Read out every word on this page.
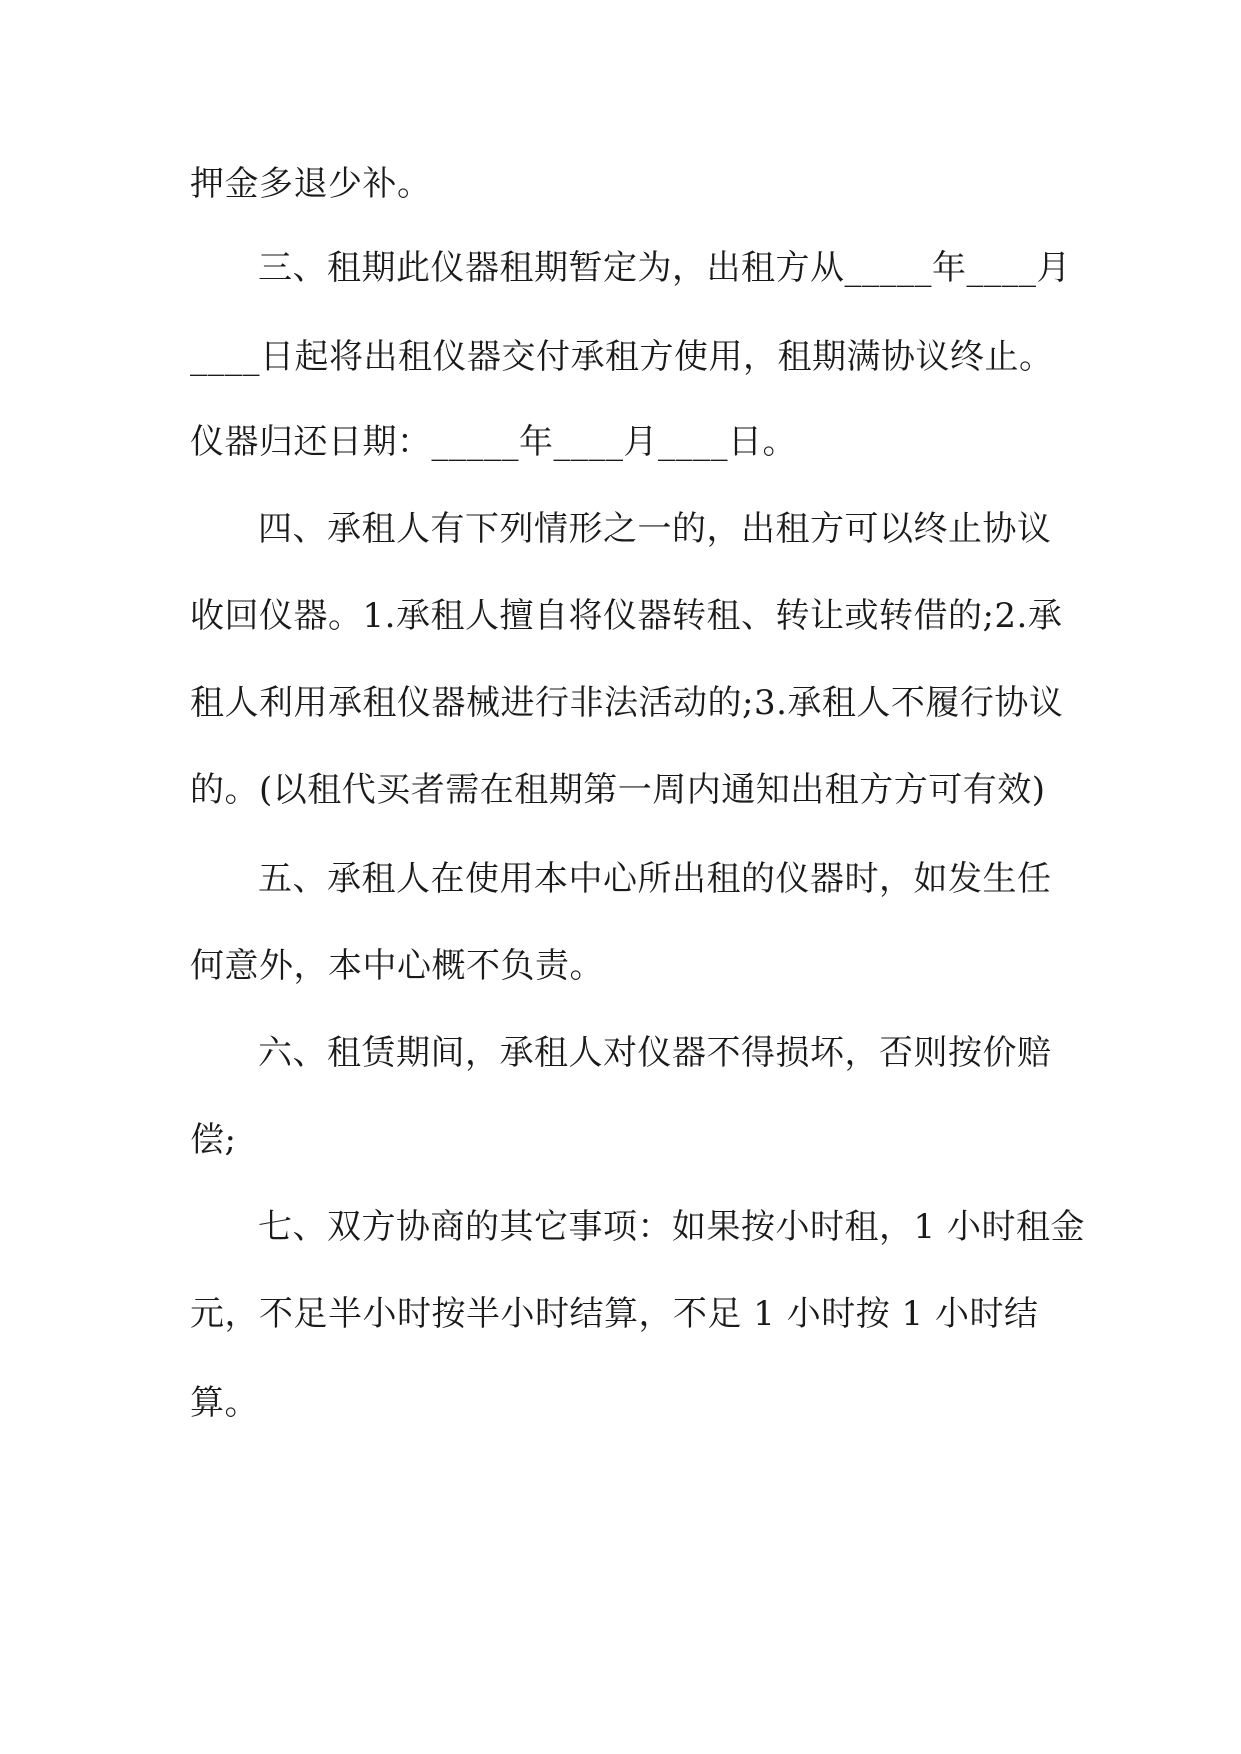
押金多退少补。
三、租期此仪器租期暂定为，出租方从_____年____月
____日起将出租仪器交付承租方使用，租期满协议终止。
仪器归还日期：_____年____月____日。
四、承租人有下列情形之一的，出租方可以终止协议
收回仪器。1.承租人擅自将仪器转租、转让或转借的;2.承
租人利用承租仪器械进行非法活动的;3.承租人不履行协议
的。(以租代买者需在租期第一周内通知出租方方可有效)
五、承租人在使用本中心所出租的仪器时，如发生任
何意外，本中心概不负责。
六、租赁期间，承租人对仪器不得损坏，否则按价赔
偿;
七、双方协商的其它事项：如果按小时租，1 小时租金
元，不足半小时按半小时结算，不足 1 小时按 1 小时结
算。
